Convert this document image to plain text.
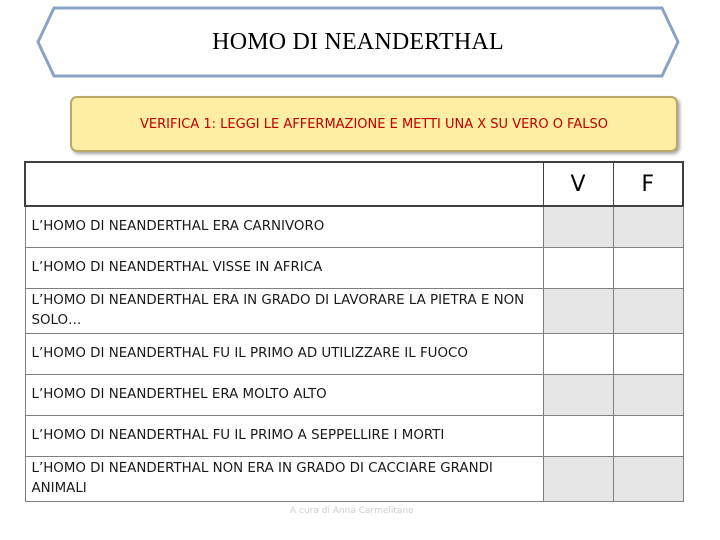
HOMO DI NEANDERTHAL
VERIFICA 1: LEGGI LE AFFERMAZIONE E METTI UNA X SU VERO O FALSO
	V	F
L’HOMO DI NEANDERTHAL ERA CARNIVORO		
L’HOMO DI NEANDERTHAL VISSE IN AFRICA		
L’HOMO DI NEANDERTHAL ERA IN GRADO DI LAVORARE LA PIETRA E NON SOLO…		
L’HOMO DI NEANDERTHAL FU IL PRIMO AD UTILIZZARE IL FUOCO		
L’HOMO DI NEANDERTHEL ERA MOLTO ALTO		
L’HOMO DI NEANDERTHAL FU IL PRIMO A SEPPELLIRE I MORTI		
L’HOMO DI NEANDERTHAL NON ERA IN GRADO DI CACCIARE GRANDI ANIMALI		
A cura di Anna Carmelitano
